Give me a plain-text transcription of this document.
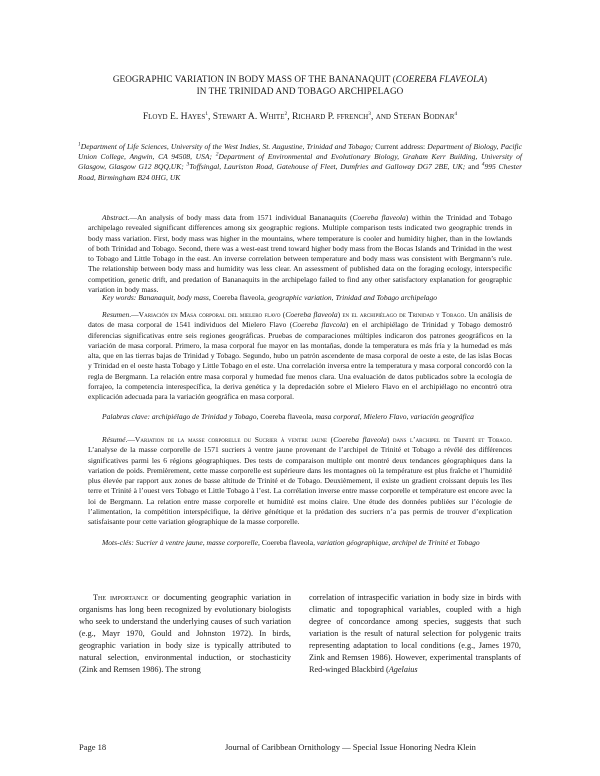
GEOGRAPHIC VARIATION IN BODY MASS OF THE BANANAQUIT (COEREBA FLAVEOLA)
IN THE TRINIDAD AND TOBAGO ARCHIPELAGO
Floyd E. Hayes$^1$, Stewart A. White$^2$, Richard P. ffrench$^3$, and Stefan Bodnar$^4$
$^1$Department of Life Sciences, University of the West Indies, St. Augustine, Trinidad and Tobago; Current address: Department of Biology, Pacific Union College, Angwin, CA 94508, USA; $^2$Department of Environmental and Evolutionary Biology, Graham Kerr Building, University of Glasgow, Glasgow G12 8QQ,UK; $^3$Toffsingal, Lauriston Road, Gatehouse of Fleet, Dumfries and Galloway DG7 2BE, UK; and $^4$995 Chester Road, Birmingham B24 0HG, UK
Abstract.—An analysis of body mass data from 1571 individual Bananaquits (Coereba flaveola) within the Trinidad and Tobago archipelago revealed significant differences among six geographic regions. Multiple comparison tests indicated two geographic trends in body mass variation. First, body mass was higher in the mountains, where temperature is cooler and humidity higher, than in the lowlands of both Trinidad and Tobago. Second, there was a west-east trend toward higher body mass from the Bocas Islands and Trinidad in the west to Tobago and Little Tobago in the east. An inverse correlation between temperature and body mass was consistent with Bergmann’s rule. The relationship between body mass and humidity was less clear. An assessment of published data on the foraging ecology, interspecific competition, genetic drift, and predation of Bananaquits in the archipelago failed to find any other satisfactory explanation for geographic variation in body mass.
Key words: Bananaquit, body mass, Coereba flaveola, geographic variation, Trinidad and Tobago archipelago
Resumen.—Variación en Masa corporal del mielero flavo (Coereba flaveola) en el archipiélago de Trinidad y Tobago. Un análisis de datos de masa corporal de 1541 individuos del Mielero Flavo (Coereba flavcola) en el archipiélago de Trinidad y Tobago demostró diferencias significativas entre seis regiones geográficas. Pruebas de comparaciones múltiples indicaron dos patrones geográficos en la variación de masa corporal. Primero, la masa corporal fue mayor en las montañas, donde la temperatura es más fría y la humedad es más alta, que en las tierras bajas de Trinidad y Tobago. Segundo, hubo un patrón ascendente de masa corporal de oeste a este, de las islas Bocas y Trinidad en el oeste hasta Tobago y Little Tobago en el este. Una correlación inversa entre la temperatura y masa corporal concordó con la regla de Bergmann. La relación entre masa corporal y humedad fue menos clara. Una evaluación de datos publicados sobre la ecología de forrajeo, la competencia interespecífica, la deriva genética y la depredación sobre el Mielero Flavo en el archipiélago no encontró otra explicación adecuada para la variación geográfica en masa corporal.
Palabras clave: archipiélago de Trinidad y Tobago, Coereba flaveola, masa corporal, Mielero Flavo, variación geográfica
Résumé.—Variation de la masse corporelle du Sucrier à ventre jaune (Coereba flaveola) dans l’archipel de Trinité et Tobago. L’analyse de la masse corporelle de 1571 sucriers à ventre jaune provenant de l’archipel de Trinité et Tobago a révélé des différences significatives parmi les 6 régions géographiques. Des tests de comparaison multiple ont montré deux tendances géographiques dans la variation de poids. Premièrement, cette masse corporelle est supérieure dans les montagnes où la température est plus fraîche et l’humidité plus élevée par rapport aux zones de basse altitude de Trinité et de Tobago. Deuxièmement, il existe un gradient croissant depuis les îles terre et Trinité à l’ouest vers Tobago et Little Tobago à l’est. La corrélation inverse entre masse corporelle et température est encore avec la loi de Bergmann. La relation entre masse corporelle et humidité est moins claire. Une étude des données publiées sur l’écologie de l’alimentation, la compétition interspécifique, la dérive génétique et la prédation des sucriers n’a pas permis de trouver d’explication satisfaisante pour cette variation géographique de la masse corporelle.
Mots-clés: Sucrier à ventre jaune, masse corporelle, Coereba flaveola, variation géographique, archipel de Trinité et Tobago
The importance of documenting geographic variation in organisms has long been recognized by evolutionary biologists who seek to understand the underlying causes of such variation (e.g., Mayr 1970, Gould and Johnston 1972). In birds, geographic variation in body size is typically attributed to natural selection, environmental induction, or stochasticity (Zink and Remsen 1986). The strong
correlation of intraspecific variation in body size in birds with climatic and topographical variables, coupled with a high degree of concordance among species, suggests that such variation is the result of natural selection for polygenic traits representing adaptation to local conditions (e.g., James 1970, Zink and Remsen 1986). However, experimental transplants of Red-winged Blackbird (Agelaius
Page 18	Journal of Caribbean Ornithology — Special Issue Honoring Nedra Klein
